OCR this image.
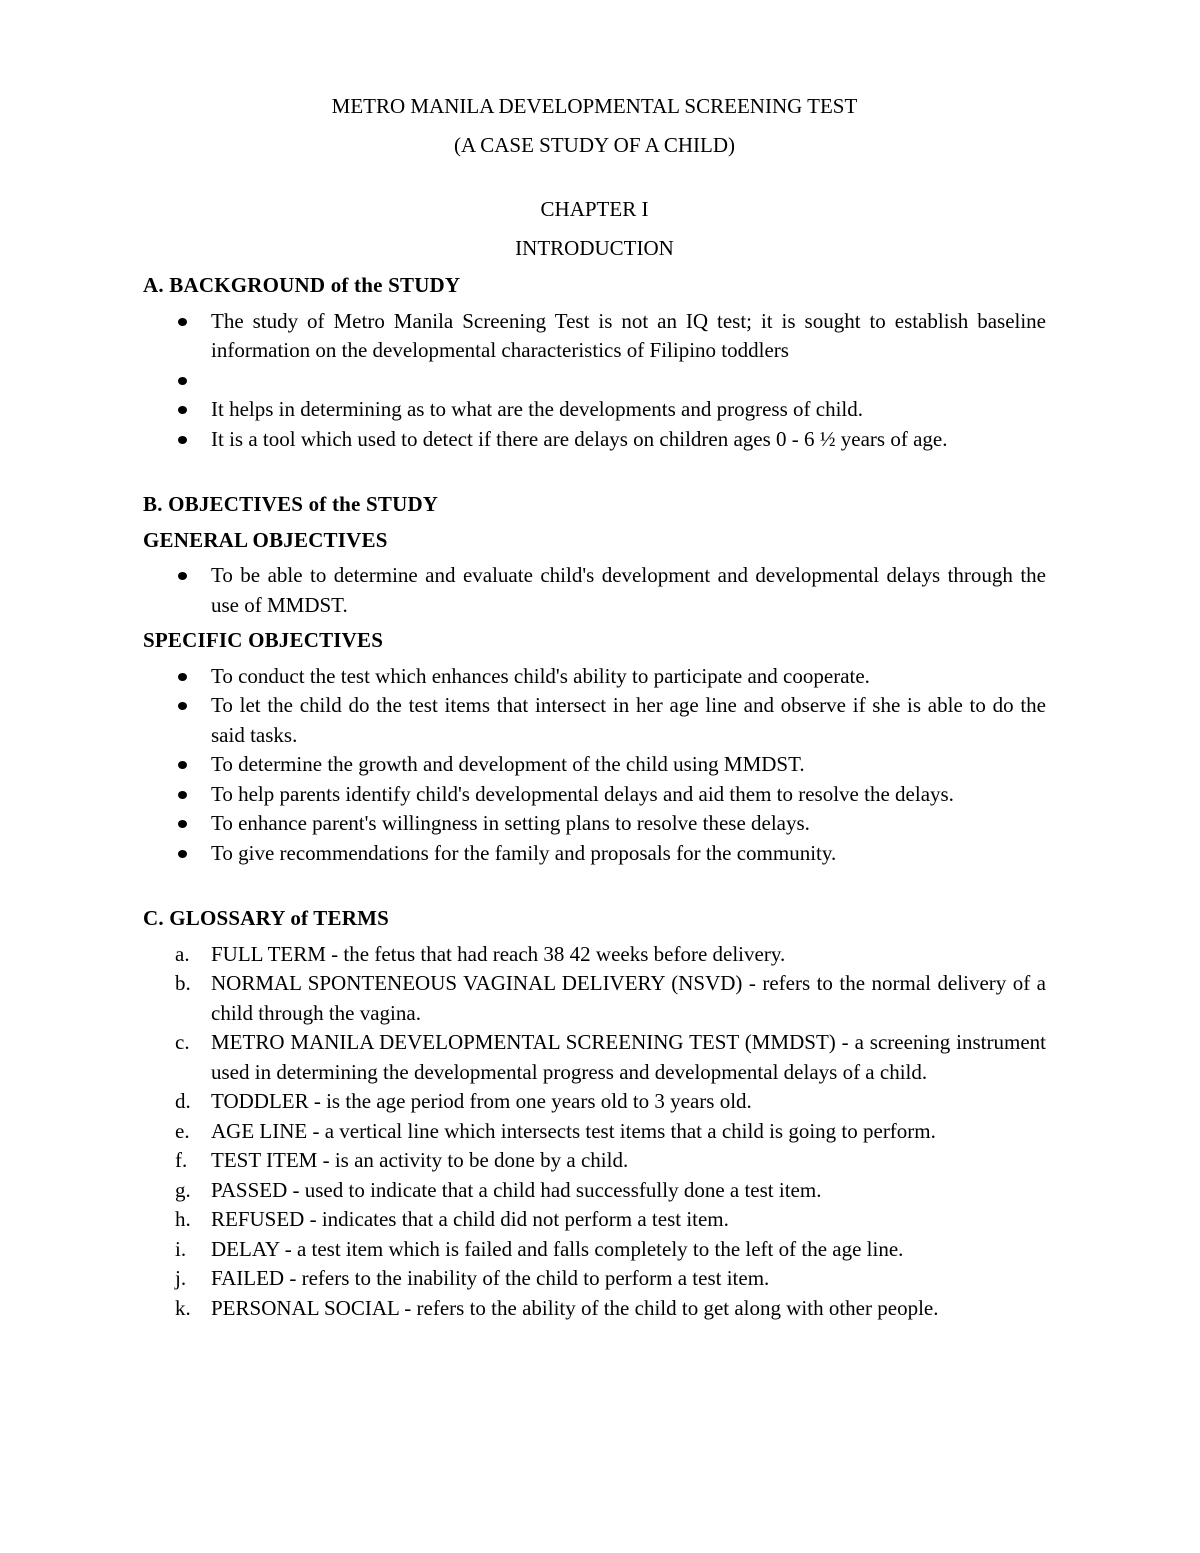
METRO MANILA DEVELOPMENTAL SCREENING TEST

(A CASE STUDY OF A CHILD)

CHAPTER I

INTRODUCTION

A. BACKGROUND of the STUDY

The study of Metro Manila Screening Test is not an IQ test; it is sought to establish baseline information on the developmental characteristics of Filipino toddlers
It helps in determining as to what are the developments and progress of child.
It is a tool which used to detect if there are delays on children ages 0 - 6 ½ years of age.

B. OBJECTIVES of the STUDY

GENERAL OBJECTIVES

To be able to determine and evaluate child's development and developmental delays through the use of MMDST.

SPECIFIC OBJECTIVES

To conduct the test which enhances child's ability to participate and cooperate.
To let the child do the test items that intersect in her age line and observe if she is able to do the said tasks.
To determine the growth and development of the child using MMDST.
To help parents identify child's developmental delays and aid them to resolve the delays.
To enhance parent's willingness in setting plans to resolve these delays.
To give recommendations for the family and proposals for the community.

C. GLOSSARY of TERMS

a. FULL TERM - the fetus that had reach 38 42 weeks before delivery.
b. NORMAL SPONTENEOUS VAGINAL DELIVERY (NSVD) - refers to the normal delivery of a child through the vagina.
c. METRO MANILA DEVELOPMENTAL SCREENING TEST (MMDST) - a screening instrument used in determining the developmental progress and developmental delays of a child.
d. TODDLER - is the age period from one years old to 3 years old.
e. AGE LINE - a vertical line which intersects test items that a child is going to perform.
f. TEST ITEM - is an activity to be done by a child.
g. PASSED - used to indicate that a child had successfully done a test item.
h. REFUSED - indicates that a child did not perform a test item.
i. DELAY - a test item which is failed and falls completely to the left of the age line.
j. FAILED - refers to the inability of the child to perform a test item.
k. PERSONAL SOCIAL - refers to the ability of the child to get along with other people.
